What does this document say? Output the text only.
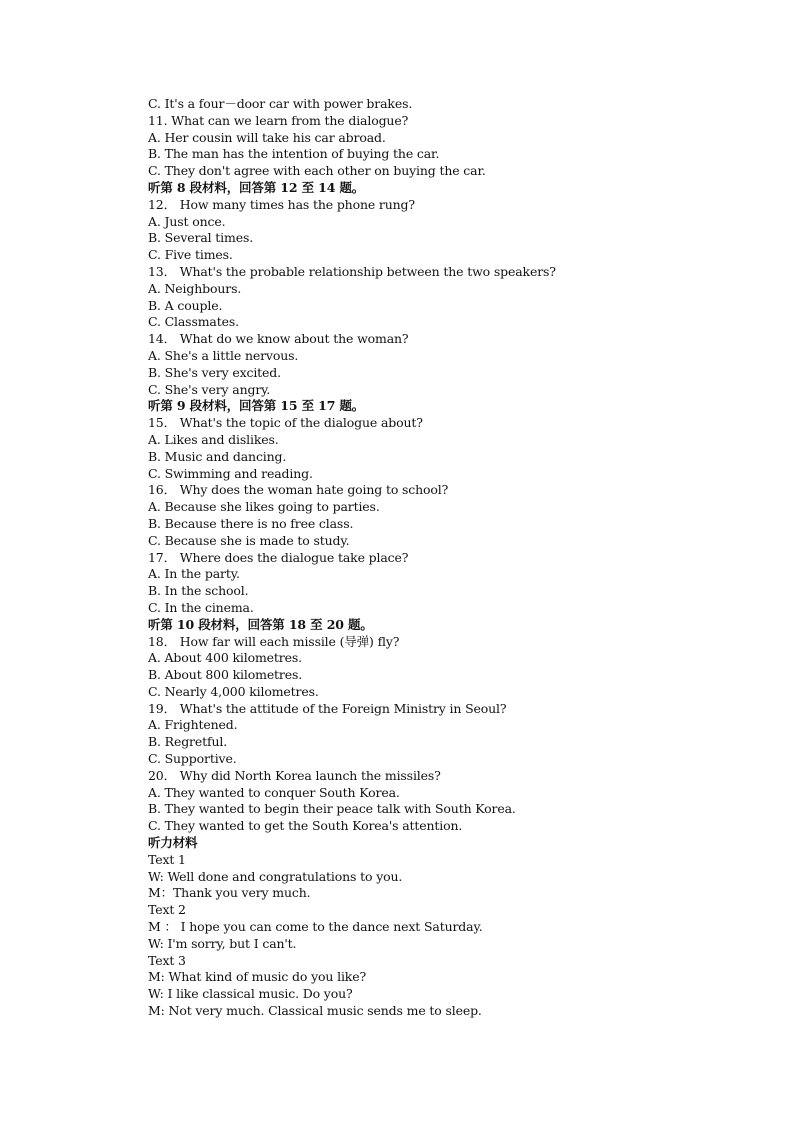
C. It's a four－door car with power brakes.
11. What can we learn from the dialogue?
A. Her cousin will take his car abroad.
B. The man has the intention of buying the car.
C. They don't agree with each other on buying the car.
听第 8 段材料，回答第 12 至 14 题。
12． How many times has the phone rung?
A. Just once.
B. Several times.
C. Five times.
13． What's the probable relationship between the two speakers?
A. Neighbours.
B. A couple.
C. Classmates.
14． What do we know about the woman?
A. She's a little nervous.
B. She's very excited.
C. She's very angry.
听第 9 段材料，回答第 15 至 17 题。
15． What's the topic of the dialogue about?
A. Likes and dislikes.
B. Music and dancing.
C. Swimming and reading.
16． Why does the woman hate going to school?
A. Because she likes going to parties.
B. Because there is no free class.
C. Because she is made to study.
17． Where does the dialogue take place?
A. In the party.
B. In the school.
C. In the cinema.
听第 10 段材料，回答第 18 至 20 题。
18． How far will each missile (导弹) fly?
A. About 400 kilometres.
B. About 800 kilometres.
C. Nearly 4,000 kilometres.
19． What's the attitude of the Foreign Ministry in Seoul?
A. Frightened.
B. Regretful.
C. Supportive.
20． Why did North Korea launch the missiles?
A. They wanted to conquer South Korea.
B. They wanted to begin their peace talk with South Korea.
C. They wanted to get the South Korea's attention.
听力材料
Text 1
W: Well done and congratulations to you.
M：Thank you very much.
Text 2
M ： I hope you can come to the dance next Saturday.
W: I'm sorry, but I can't.
Text 3
M: What kind of music do you like?
W: I like classical music. Do you?
M: Not very much. Classical music sends me to sleep.
